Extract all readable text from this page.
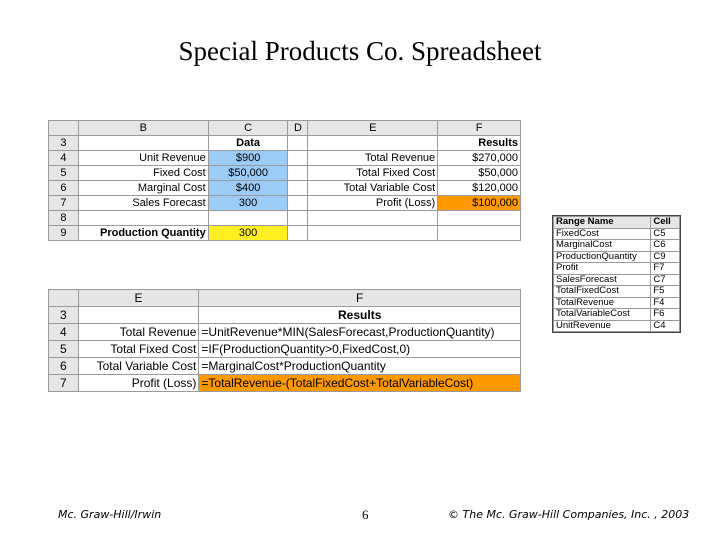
Special Products Co. Spreadsheet
	B	C	D	E	F
3		Data			Results
4	Unit Revenue	$900		Total Revenue	$270,000
5	Fixed Cost	$50,000		Total Fixed Cost	$50,000
6	Marginal Cost	$400		Total Variable Cost	$120,000
7	Sales Forecast	300		Profit (Loss)	$100,000
8					
9	Production Quantity	300			
Range Name	Cell
FixedCost	C5
MarginalCost	C6
ProductionQuantity	C9
Profit	F7
SalesForecast	C7
TotalFixedCost	F5
TotalRevenue	F4
TotalVariableCost	F6
UnitRevenue	C4
	E	F
3		Results
4	Total Revenue	=UnitRevenue*MIN(SalesForecast,ProductionQuantity)
5	Total Fixed Cost	=IF(ProductionQuantity>0,FixedCost,0)
6	Total Variable Cost	=MarginalCost*ProductionQuantity
7	Profit (Loss)	=TotalRevenue-(TotalFixedCost+TotalVariableCost)
Mc. Graw-Hill/Irwin	6	© The Mc. Graw-Hill Companies, Inc. , 2003
